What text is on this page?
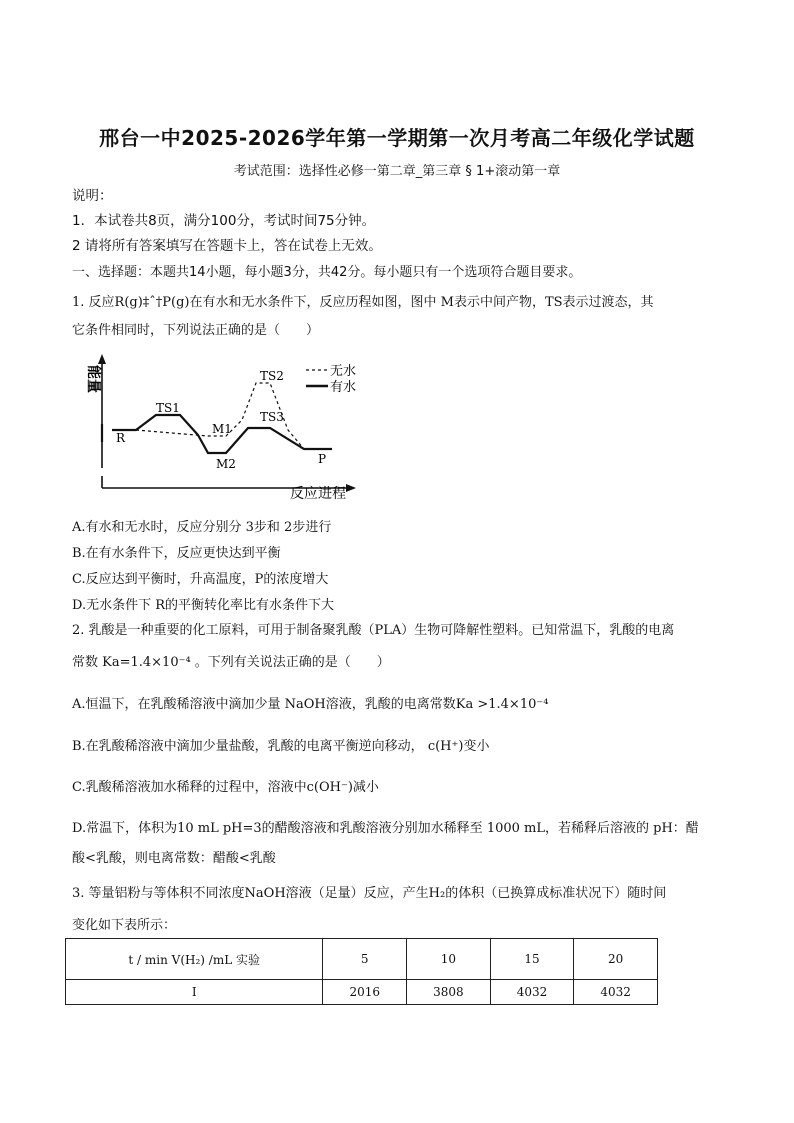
邢台一中2025-2026学年第一学期第一次月考高二年级化学试题
考试范围：选择性必修一第二章_第三章 § 1+滚动第一章
说明：
1．本试卷共8页，满分100分，考试时间75分钟。
2 请将所有答案填写在答题卡上，答在试卷上无效。
一、选择题：本题共14小题，每小题3分，共42分。每小题只有一个选项符合题目要求。
1. 反应R(g)‡ˆ†P(g)在有水和无水条件下，反应历程如图，图中 M表示中间产物，TS表示过渡态，其
它条件相同时，下列说法正确的是（　　）
能量
反应进程
R
TS1
M1
M2
TS2
TS3
P
无水
有水
A.有水和无水时，反应分别分 3步和 2步进行
B.在有水条件下，反应更快达到平衡
C.反应达到平衡时，升高温度，P的浓度增大
D.无水条件下 R的平衡转化率比有水条件下大
2. 乳酸是一种重要的化工原料，可用于制备聚乳酸（PLA）生物可降解性塑料。已知常温下，乳酸的电离
常数 Ka=1.4×10⁻⁴ 。下列有关说法正确的是（　　）
A.恒温下，在乳酸稀溶液中滴加少量 NaOH溶液，乳酸的电离常数Ka >1.4×10⁻⁴
B.在乳酸稀溶液中滴加少量盐酸，乳酸的电离平衡逆向移动， c(H⁺)变小
C.乳酸稀溶液加水稀释的过程中，溶液中c(OH⁻)减小
D.常温下，体积为10 mL pH=3的醋酸溶液和乳酸溶液分别加水稀释至 1000 mL，若稀释后溶液的 pH：醋
酸<乳酸，则电离常数：醋酸<乳酸
3. 等量铝粉与等体积不同浓度NaOH溶液（足量）反应，产生H₂的体积（已换算成标准状况下）随时间
变化如下表所示：
t / min V(H₂) /mL 实验	5	10	15	20
I	2016	3808	4032	4032
